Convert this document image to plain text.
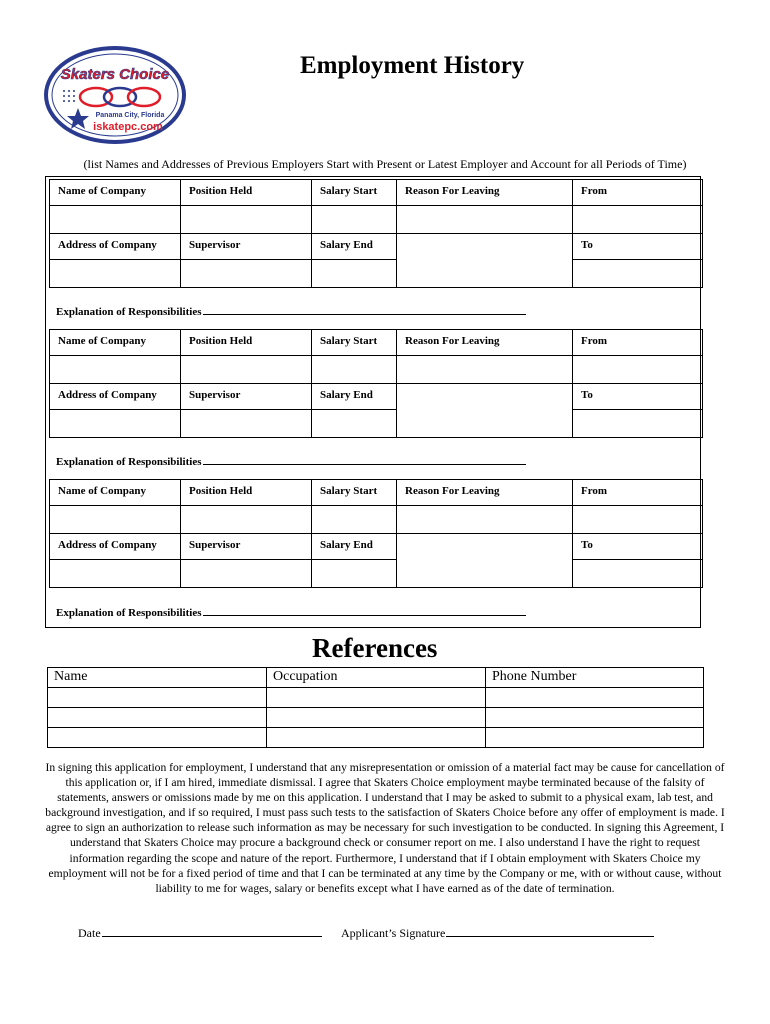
Skaters Choice
Panama City, Florida
iskatepc.com
Employment History
(list Names and Addresses of Previous Employers Start with Present or Latest Employer and Account for all Periods of Time)
Name of Company	Position Held	Salary Start	Reason For Leaving	From

Address of Company	Supervisor	Salary End		To

Explanation of Responsibilities
Name of Company	Position Held	Salary Start	Reason For Leaving	From

Address of Company	Supervisor	Salary End		To

Explanation of Responsibilities
Name of Company	Position Held	Salary Start	Reason For Leaving	From

Address of Company	Supervisor	Salary End		To

Explanation of Responsibilities
References
Name	Occupation	Phone Number

In signing this application for employment, I understand that any misrepresentation or omission of a material fact may be cause for cancellation of this application or, if I am hired, immediate dismissal. I agree that Skaters Choice employment maybe terminated because of the falsity of statements, answers or omissions made by me on this application. I understand that I may be asked to submit to a physical exam, lab test, and background investigation, and if so required, I must pass such tests to the satisfaction of Skaters Choice before any offer of employment is made. I agree to sign an authorization to release such information as may be necessary for such investigation to be conducted. In signing this Agreement, I understand that Skaters Choice may procure a background check or consumer report on me. I also understand I have the right to request information regarding the scope and nature of the report. Furthermore, I understand that if I obtain employment with Skaters Choice my employment will not be for a fixed period of time and that I can be terminated at any time by the Company or me, with or without cause, without liability to me for wages, salary or benefits except what I have earned as of the date of termination.
Date	Applicant’s Signature
